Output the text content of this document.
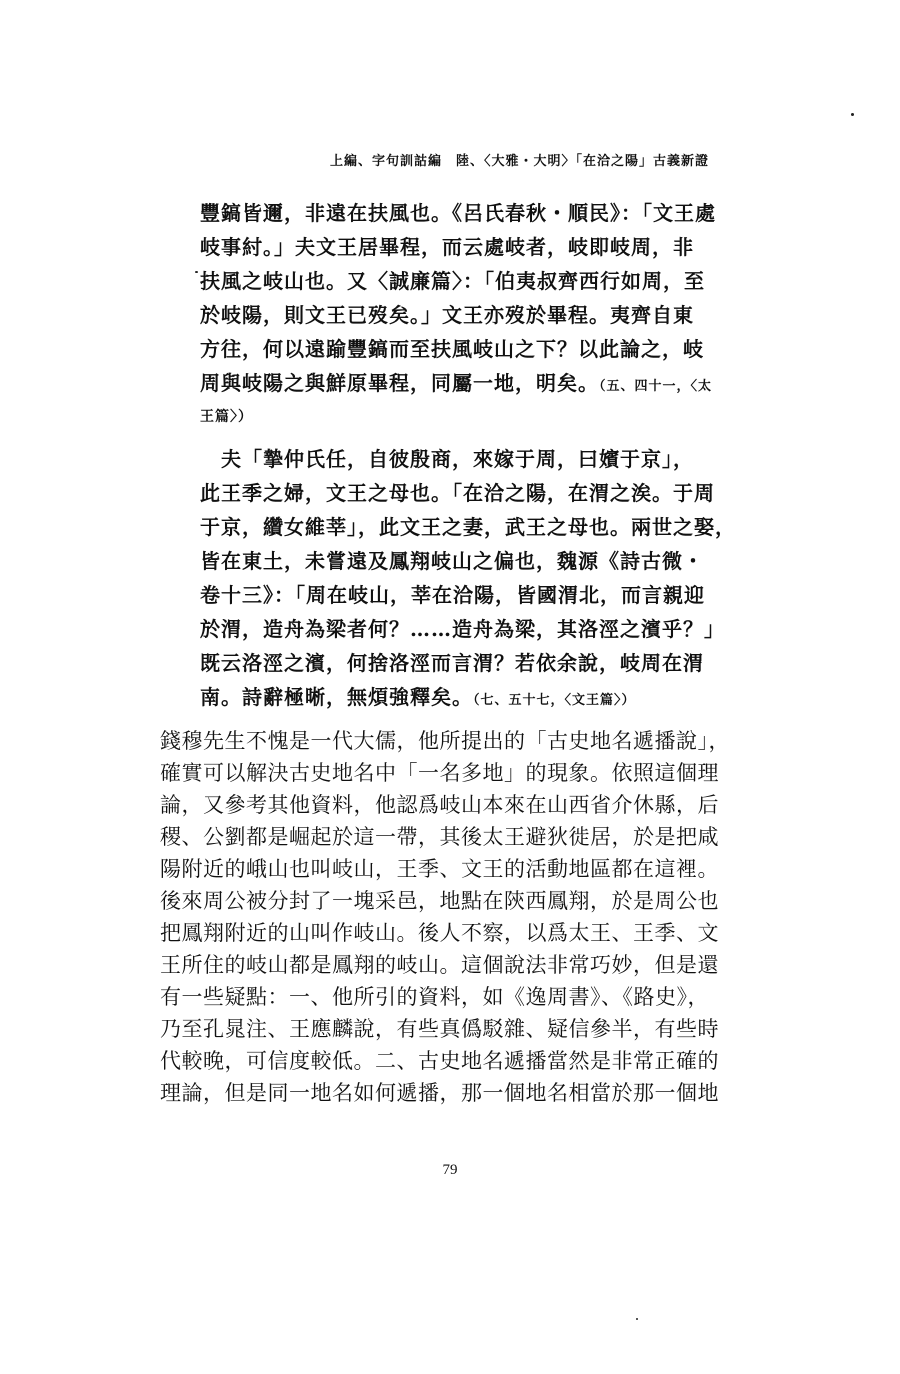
上編、字句訓詁編　陸、〈大雅・大明〉「在洽之陽」古義新證
豐鎬皆邇，非遠在扶風也。《呂氏春秋・順民》：「文王處
岐事紂。」夫文王居畢程，而云處岐者，岐即岐周，非
扶風之岐山也。又〈誠廉篇〉：「伯夷叔齊西行如周，至
於岐陽，則文王已歿矣。」文王亦歿於畢程。夷齊自東
方往，何以遠踰豐鎬而至扶風岐山之下？以此論之，岐
周與岐陽之與鮮原畢程，同屬一地，明矣。（五、四十一，〈太
王篇〉）
　夫「摯仲氏任，自彼殷商，來嫁于周，曰嬪于京」，
此王季之婦，文王之母也。「在洽之陽，在渭之涘。于周
于京，纘女維莘」，此文王之妻，武王之母也。兩世之娶，
皆在東土，未嘗遠及鳳翔岐山之偏也，魏源《詩古微・
卷十三》：「周在岐山，莘在洽陽，皆國渭北，而言親迎
於渭，造舟為梁者何？……造舟為梁，其洛涇之濱乎？」
既云洛涇之濱，何捨洛涇而言渭？若依余說，岐周在渭
南。詩辭極晰，無煩強釋矣。（七、五十七，〈文王篇〉）
錢穆先生不愧是一代大儒，他所提出的「古史地名遞播說」，
確實可以解決古史地名中「一名多地」的現象。依照這個理
論，又參考其他資料，他認爲岐山本來在山西省介休縣，后
稷、公劉都是崛起於這一帶，其後太王避狄徙居，於是把咸
陽附近的峨山也叫岐山，王季、文王的活動地區都在這裡。
後來周公被分封了一塊采邑，地點在陝西鳳翔，於是周公也
把鳳翔附近的山叫作岐山。後人不察，以爲太王、王季、文
王所住的岐山都是鳳翔的岐山。這個說法非常巧妙，但是還
有一些疑點：一、他所引的資料，如《逸周書》、《路史》，
乃至孔晁注、王應麟說，有些真僞駁雜、疑信參半，有些時
代較晚，可信度較低。二、古史地名遞播當然是非常正確的
理論，但是同一地名如何遞播，那一個地名相當於那一個地
79
